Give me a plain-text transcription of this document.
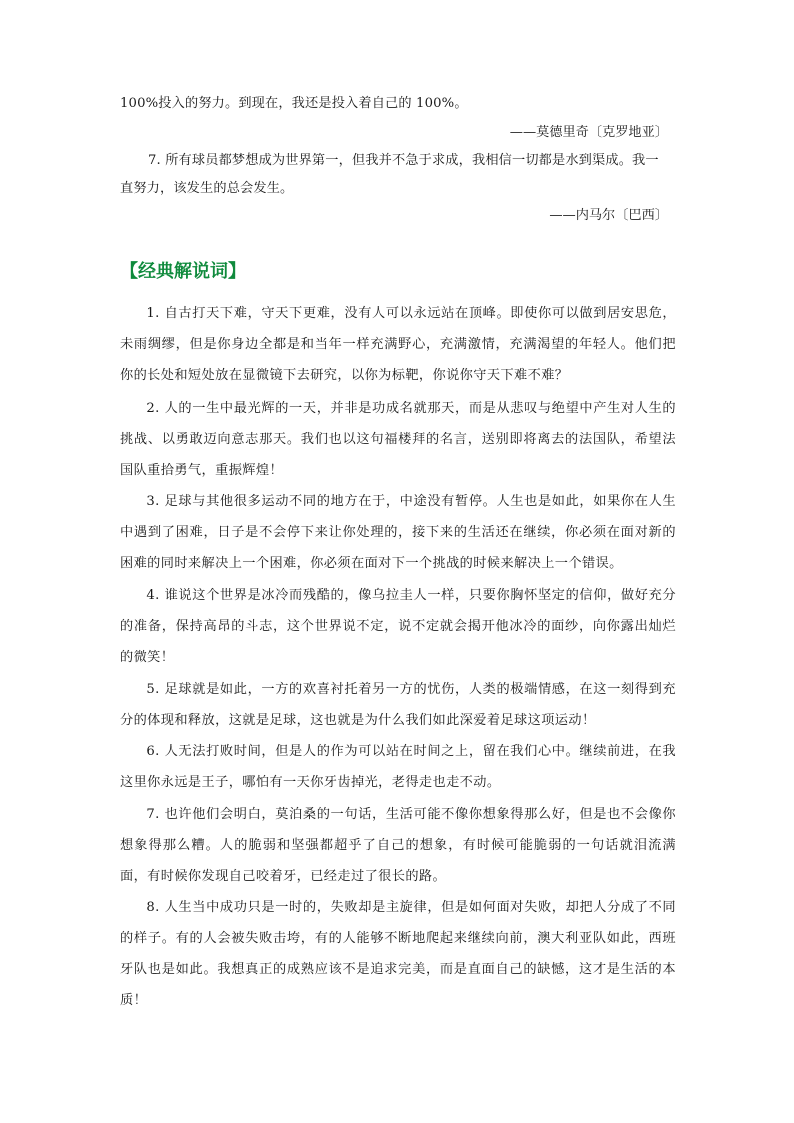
100%投入的努力。到现在，我还是投入着自己的 100%。
——莫德里奇〔克罗地亚〕
7. 所有球员都梦想成为世界第一，但我并不急于求成，我相信一切都是水到渠成。我一
直努力，该发生的总会发生。
——内马尔〔巴西〕
【经典解说词】
1. 自古打天下难，守天下更难，没有人可以永远站在顶峰。即使你可以做到居安思危，未雨绸缪，但是你身边全都是和当年一样充满野心，充满激情，充满渴望的年轻人。他们把你的长处和短处放在显微镜下去研究，以你为标靶，你说你守天下难不难？
2. 人的一生中最光辉的一天，并非是功成名就那天，而是从悲叹与绝望中产生对人生的挑战、以勇敢迈向意志那天。我们也以这句福楼拜的名言，送别即将离去的法国队，希望法国队重拾勇气，重振辉煌！
3. 足球与其他很多运动不同的地方在于，中途没有暂停。人生也是如此，如果你在人生中遇到了困难，日子是不会停下来让你处理的，接下来的生活还在继续，你必须在面对新的困难的同时来解决上一个困难，你必须在面对下一个挑战的时候来解决上一个错误。
4. 谁说这个世界是冰冷而残酷的，像乌拉圭人一样，只要你胸怀坚定的信仰，做好充分的准备，保持高昂的斗志，这个世界说不定，说不定就会揭开他冰冷的面纱，向你露出灿烂的微笑！
5. 足球就是如此，一方的欢喜衬托着另一方的忧伤，人类的极端情感，在这一刻得到充分的体现和释放，这就是足球，这也就是为什么我们如此深爱着足球这项运动！
6. 人无法打败时间，但是人的作为可以站在时间之上，留在我们心中。继续前进，在我这里你永远是王子，哪怕有一天你牙齿掉光，老得走也走不动。
7. 也许他们会明白，莫泊桑的一句话，生活可能不像你想象得那么好，但是也不会像你想象得那么糟。人的脆弱和坚强都超乎了自己的想象，有时候可能脆弱的一句话就泪流满面，有时候你发现自己咬着牙，已经走过了很长的路。
8. 人生当中成功只是一时的，失败却是主旋律，但是如何面对失败，却把人分成了不同的样子。有的人会被失败击垮，有的人能够不断地爬起来继续向前，澳大利亚队如此，西班牙队也是如此。我想真正的成熟应该不是追求完美，而是直面自己的缺憾，这才是生活的本质！
